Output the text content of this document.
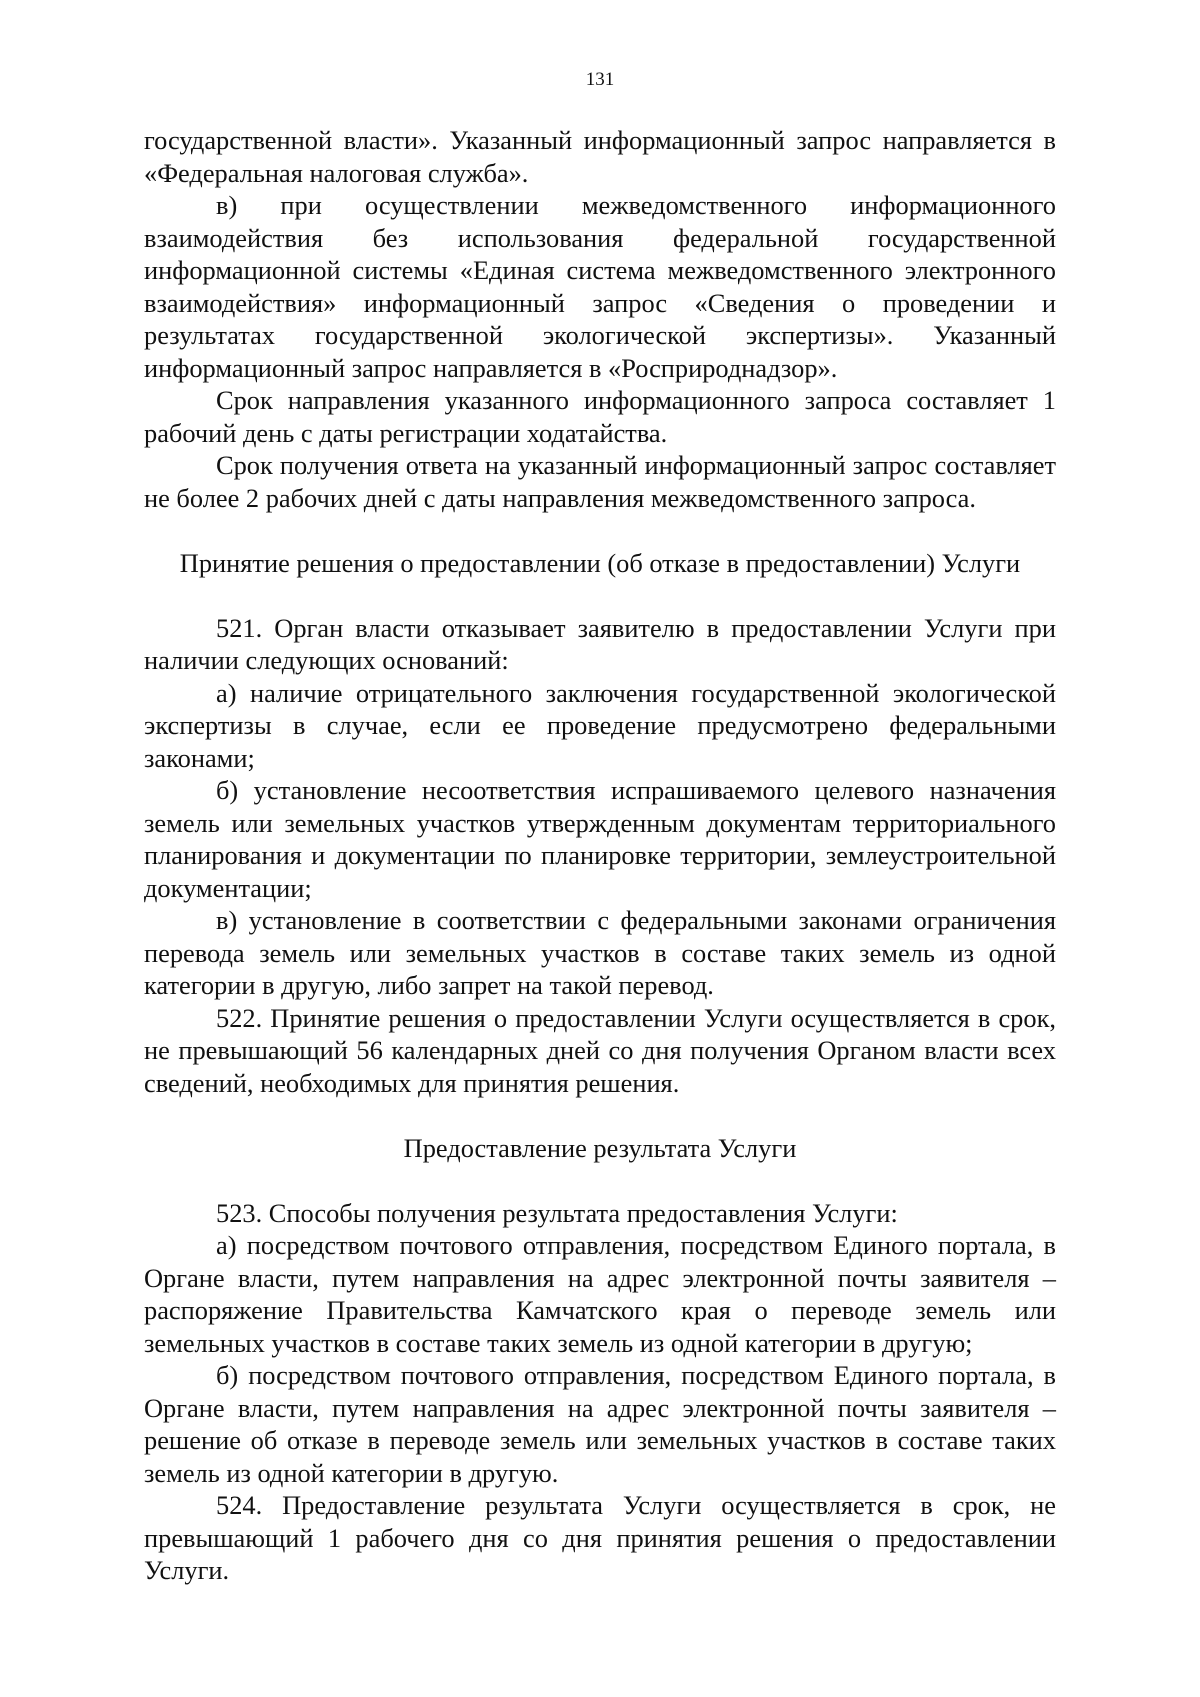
131

государственной власти». Указанный информационный запрос направляется в «Федеральная налоговая служба».

в) при осуществлении межведомственного информационного взаимодействия без использования федеральной государственной информационной системы «Единая система межведомственного электронного взаимодействия» информационный запрос «Сведения о проведении и результатах государственной экологической экспертизы». Указанный информационный запрос направляется в «Росприроднадзор».

Срок направления указанного информационного запроса составляет 1 рабочий день с даты регистрации ходатайства.

Срок получения ответа на указанный информационный запрос составляет не более 2 рабочих дней с даты направления межведомственного запроса.

Принятие решения о предоставлении (об отказе в предоставлении) Услуги

521. Орган власти отказывает заявителю в предоставлении Услуги при наличии следующих оснований:

а) наличие отрицательного заключения государственной экологической экспертизы в случае, если ее проведение предусмотрено федеральными законами;

б) установление несоответствия испрашиваемого целевого назначения земель или земельных участков утвержденным документам территориального планирования и документации по планировке территории, землеустроительной документации;

в) установление в соответствии с федеральными законами ограничения перевода земель или земельных участков в составе таких земель из одной категории в другую, либо запрет на такой перевод.

522. Принятие решения о предоставлении Услуги осуществляется в срок, не превышающий 56 календарных дней со дня получения Органом власти всех сведений, необходимых для принятия решения.

Предоставление результата Услуги

523. Способы получения результата предоставления Услуги:

а) посредством почтового отправления, посредством Единого портала, в Органе власти, путем направления на адрес электронной почты заявителя – распоряжение Правительства Камчатского края о переводе земель или земельных участков в составе таких земель из одной категории в другую;

б) посредством почтового отправления, посредством Единого портала, в Органе власти, путем направления на адрес электронной почты заявителя – решение об отказе в переводе земель или земельных участков в составе таких земель из одной категории в другую.

524. Предоставление результата Услуги осуществляется в срок, не превышающий 1 рабочего дня со дня принятия решения о предоставлении Услуги.
